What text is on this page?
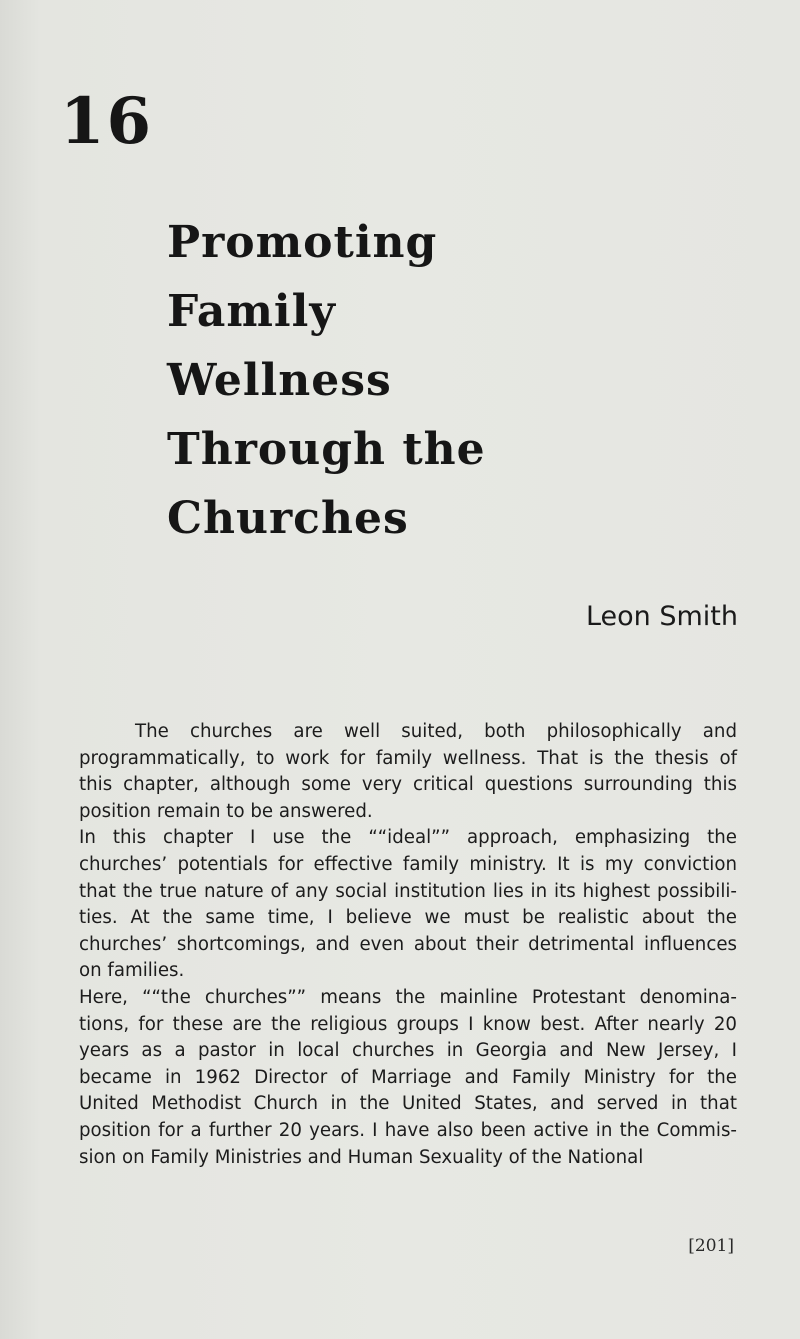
16
Promoting
Family
Wellness
Through the
Churches
Leon Smith

The churches are well suited, both philosophically and
programmatically, to work for family wellness. That is the thesis of
this chapter, although some very critical questions surrounding this
position remain to be answered.

In this chapter I use the ““ideal”” approach, emphasizing the
churches’ potentials for effective family ministry. It is my conviction
that the true nature of any social institution lies in its highest possibili-
ties. At the same time, I believe we must be realistic about the
churches’ shortcomings, and even about their detrimental influences
on families.

Here, ““the churches”” means the mainline Protestant denomina-
tions, for these are the religious groups I know best. After nearly 20
years as a pastor in local churches in Georgia and New Jersey, I
became in 1962 Director of Marriage and Family Ministry for the
United Methodist Church in the United States, and served in that
position for a further 20 years. I have also been active in the Commis-
sion on Family Ministries and Human Sexuality of the National

[201]
